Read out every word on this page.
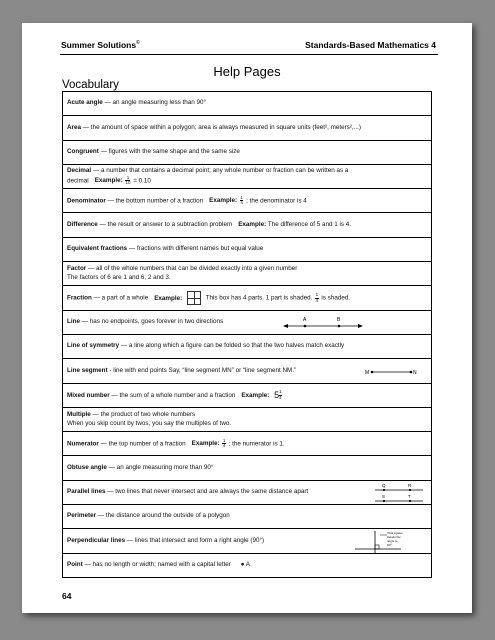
Summer Solutions©	Standards-Based Mathematics 4
Help Pages
Vocabulary
Acute angle — an angle measuring less than 90°
Area — the amount of space within a polygon; area is always measured in square units (feet², meters²,...)
Congruent — figures with the same shape and the same size
Decimal — a number that contains a decimal point; any whole number or fraction can be written as a
decimal Example: $\frac{1}{10} = 0.10$
Denominator — the bottom number of a fraction Example: $\frac{1}{4}$ ; the denominator is 4
Difference — the result or answer to a subtraction problem Example: The difference of 5 and 1 is 4.
Equivalent fractions — fractions with different names but equal value
Factor — all of the whole numbers that can be divided exactly into a given number
The factors of 6 are 1 and 6, 2 and 3.
Fraction — a part of a whole Example:	This box has 4 parts. 1 part is shaded. $\frac{1}{4}$ is shaded.
Line — has no endpoints, goes forever in two directions	A	B
Line of symmetry — a line along which a figure can be folded so that the two halves match exactly
Line segment - line with end points Say, “line segment MN” or “line segment NM.”	M	N
Mixed number — the sum of a whole number and a fraction Example: $5 \frac{1}{4}$
Multiple — the product of two whole numbers
When you skip count by twos, you say the multiples of two.
Numerator — the top number of a fraction Example: $\frac{1}{4}$ ; the numerator is 1.
Obtuse angle — an angle measuring more than 90°
Parallel lines — two lines that never intersect and are always the same distance apart
Q	R
S	T
Perimeter — the distance around the outside of a polygon
Perpendicular lines — lines that intersect and form a right angle (90°)
This square
means the
angle is
90°.
Point — has no length or width; named with a capital letter ● A
64
